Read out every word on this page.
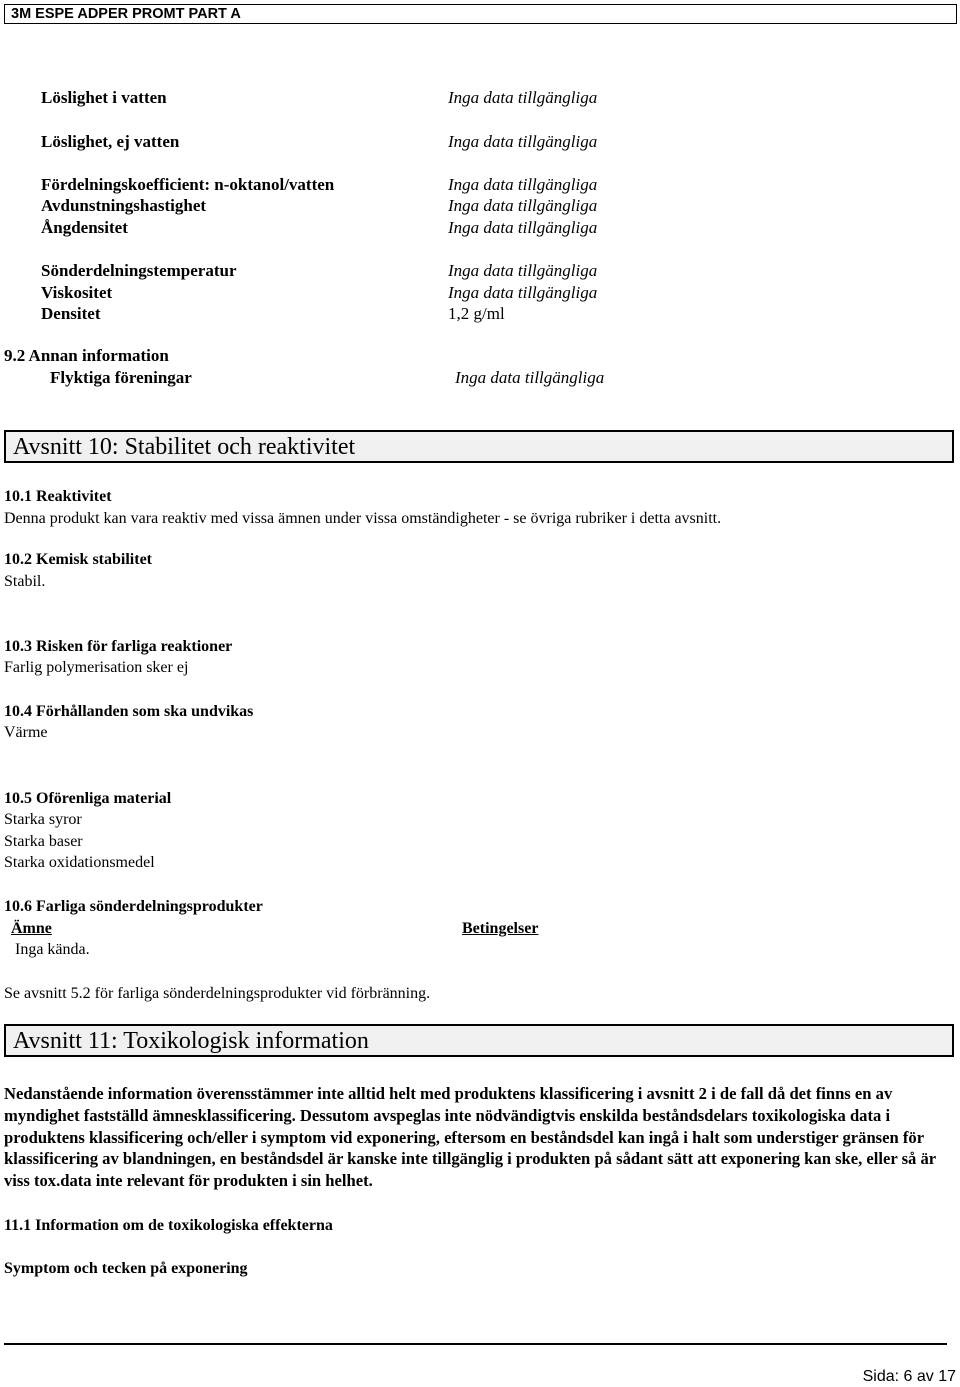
3M ESPE ADPER PROMT PART A
Löslighet i vatten	Inga data tillgängliga
Löslighet, ej vatten	Inga data tillgängliga
Fördelningskoefficient: n-oktanol/vatten	Inga data tillgängliga
Avdunstningshastighet	Inga data tillgängliga
Ångdensitet	Inga data tillgängliga
Sönderdelningstemperatur	Inga data tillgängliga
Viskositet	Inga data tillgängliga
Densitet	1,2 g/ml
9.2 Annan information
Flyktiga föreningar	Inga data tillgängliga
Avsnitt 10: Stabilitet och reaktivitet
10.1 Reaktivitet
Denna produkt kan vara reaktiv med vissa ämnen under vissa omständigheter - se övriga rubriker i detta avsnitt.
10.2 Kemisk stabilitet
Stabil.
10.3 Risken för farliga reaktioner
Farlig polymerisation sker ej
10.4 Förhållanden som ska undvikas
Värme
10.5 Oförenliga material
Starka syror
Starka baser
Starka oxidationsmedel
10.6 Farliga sönderdelningsprodukter
Ämne	Betingelser
Inga kända.
Se avsnitt 5.2 för farliga sönderdelningsprodukter vid förbränning.
Avsnitt 11: Toxikologisk information
Nedanstående information överensstämmer inte alltid helt med produktens klassificering i avsnitt 2 i de fall då det finns en av myndighet fastställd ämnesklassificering. Dessutom avspeglas inte nödvändigtvis enskilda beståndsdelars toxikologiska data i produktens klassificering och/eller i symptom vid exponering, eftersom en beståndsdel kan ingå i halt som understiger gränsen för klassificering av blandningen, en beståndsdel är kanske inte tillgänglig i produkten på sådant sätt att exponering kan ske, eller så är viss tox.data inte relevant för produkten i sin helhet.
11.1 Information om de toxikologiska effekterna
Symptom och tecken på exponering
Sida: 6 av 17
